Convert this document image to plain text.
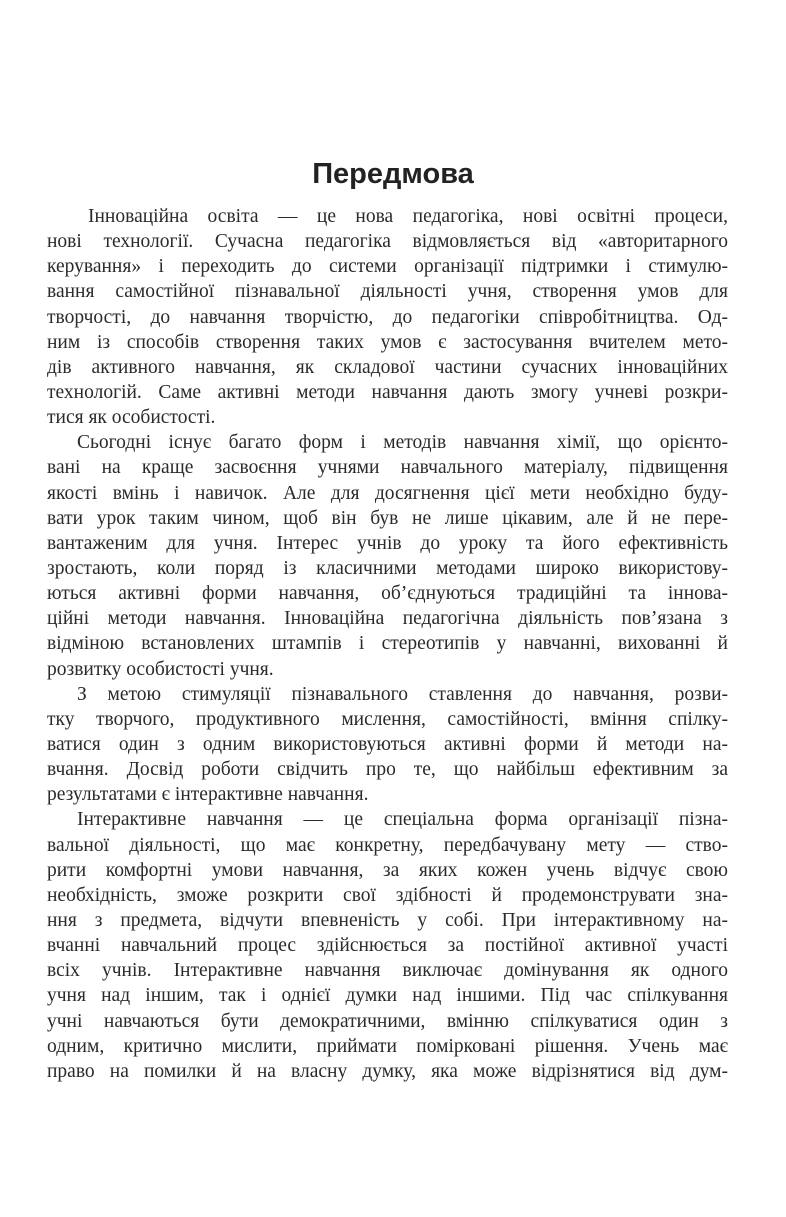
Передмова
Інноваційна освіта — це нова педагогіка, нові освітні процеси,
нові технології. Сучасна педагогіка відмовляється від «авторитарного
керування» і переходить до системи організації підтримки і стимулю-
вання самостійної пізнавальної діяльності учня, створення умов для
творчості, до навчання творчістю, до педагогіки співробітництва. Од-
ним із способів створення таких умов є застосування вчителем мето-
дів активного навчання, як складової частини сучасних інноваційних
технологій. Саме активні методи навчання дають змогу учневі розкри-
тися як особистості.
Сьогодні існує багато форм і методів навчання хімії, що орієнто-
вані на краще засвоєння учнями навчального матеріалу, підвищення
якості вмінь і навичок. Але для досягнення цієї мети необхідно буду-
вати урок таким чином, щоб він був не лише цікавим, але й не пере-
вантаженим для учня. Інтерес учнів до уроку та його ефективність
зростають, коли поряд із класичними методами широко використову-
ються активні форми навчання, об’єднуються традиційні та іннова-
ційні методи навчання. Інноваційна педагогічна діяльність пов’язана з
відміною встановлених штампів і стереотипів у навчанні, вихованні й
розвитку особистості учня.
З метою стимуляції пізнавального ставлення до навчання, розви-
тку творчого, продуктивного мислення, самостійності, вміння спілку-
ватися один з одним використовуються активні форми й методи на-
вчання. Досвід роботи свідчить про те, що найбільш ефективним за
результатами є інтерактивне навчання.
Інтерактивне навчання — це спеціальна форма організації пізна-
вальної діяльності, що має конкретну, передбачувану мету — ство-
рити комфортні умови навчання, за яких кожен учень відчує свою
необхідність, зможе розкрити свої здібності й продемонструвати зна-
ння з предмета, відчути впевненість у собі. При інтерактивному на-
вчанні навчальний процес здійснюється за постійної активної участі
всіх учнів. Інтерактивне навчання виключає домінування як одного
учня над іншим, так і однієї думки над іншими. Під час спілкування
учні навчаються бути демократичними, вмінню спілкуватися один з
одним, критично мислити, приймати помірковані рішення. Учень має
право на помилки й на власну думку, яка може відрізнятися від дум-
